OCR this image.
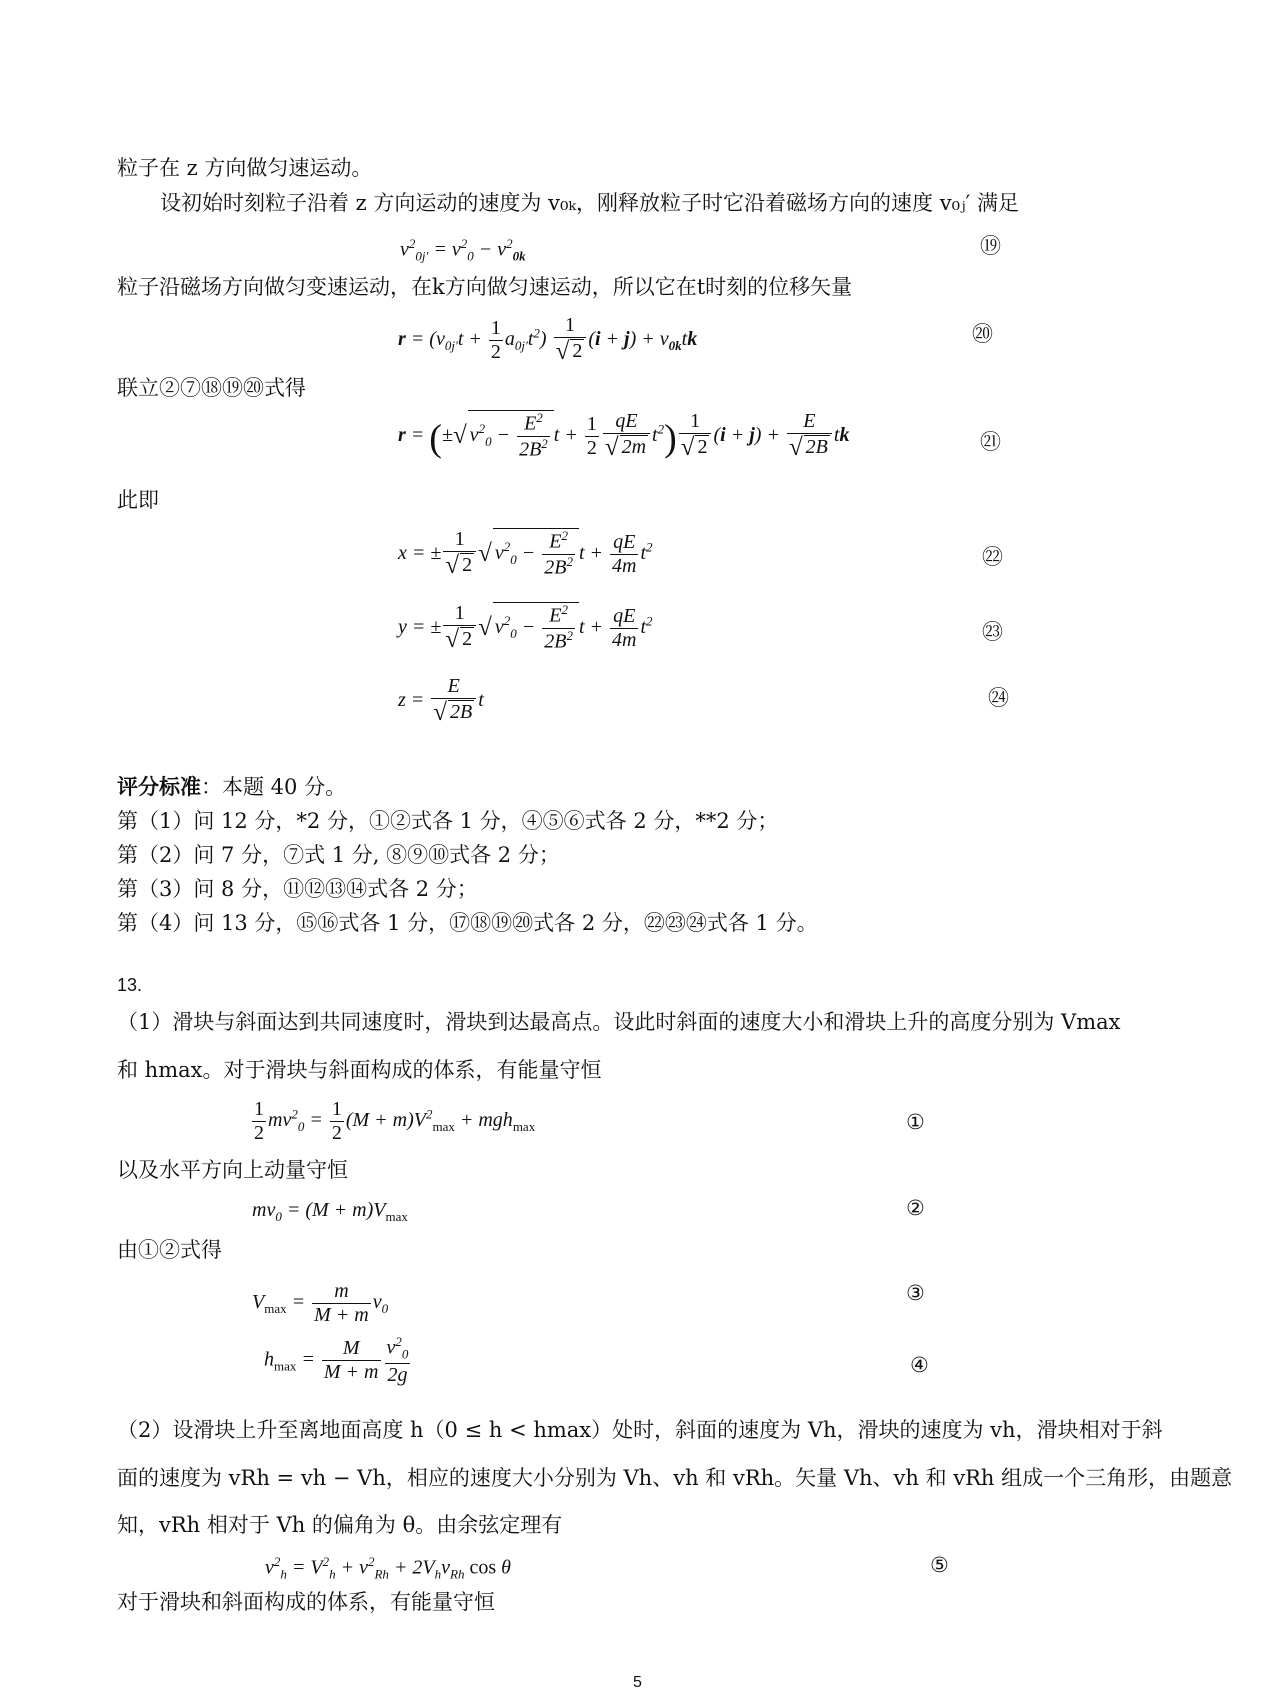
粒子在 z 方向做匀速运动。
设初始时刻粒子沿着 z 方向运动的速度为 v₀ₖ，刚释放粒子时它沿着磁场方向的速度 v₀ⱼ′ 满足
$v^2_{0j'} = v^2_0 - v^2_{0k}$	⑲
粒子沿磁场方向做匀变速运动，在k方向做匀速运动，所以它在t时刻的位移矢量
$r = (v_{0j'}t + \frac{1}{2} a_{0j'}t^2) \frac{1}{√ 2} (i + j) + v_{0k}tk$	⑳
联立②⑦⑱⑲⑳式得
r = (±√ $v^2_0 - \frac{E^2}{2B^2}$ $t + \frac{1}{2} \frac{qE}{√ 2m} t^2) \frac{1}{√ 2} (i + j) + \frac{E}{√ 2B}$ tk	㉑
此即
x = ± $\frac{1}{√ 2}$ √ $v^2_0 - \frac{E^2}{2B^2}$ $t + \frac{qE}{4m} t^2$	㉒
y = ± $\frac{1}{√ 2}$ √ $v^2_0 - \frac{E^2}{2B^2}$ $t + \frac{qE}{4m} t^2$	㉓
$z = \frac{E}{√ 2B}$ t	㉔
评分标准：本题 40 分。
第（1）问 12 分，*2 分，①②式各 1 分，④⑤⑥式各 2 分，**2 分；
第（2）问 7 分，⑦式 1 分, ⑧⑨⑩式各 2 分；
第（3）问 8 分，⑪⑫⑬⑭式各 2 分；
第（4）问 13 分，⑮⑯式各 1 分，⑰⑱⑲⑳式各 2 分，㉒㉓㉔式各 1 分。
13.
（1）滑块与斜面达到共同速度时，滑块到达最高点。设此时斜面的速度大小和滑块上升的高度分别为 Vmax
和 hmax。对于滑块与斜面构成的体系，有能量守恒
$\frac{1}{2} mv^2_0 = \frac{1}{2} (M + m)V^2_{max} + mgh_{max}$	①
以及水平方向上动量守恒
$mv_0 = (M + m)V_{max}$	②
由①②式得
$V_{max} = \frac{m}{M + m} v_0$
③
$h_{max} = \frac{M}{M + m} \frac{v^2_0}{2g}$	④
（2）设滑块上升至离地面高度 h（0 ≤ h < hmax）处时，斜面的速度为 Vh，滑块的速度为 vh，滑块相对于斜
面的速度为 vRh = vh − Vh，相应的速度大小分别为 Vh、vh 和 vRh。矢量 Vh、vh 和 vRh 组成一个三角形，由题意
知，vRh 相对于 Vh 的偏角为 θ。由余弦定理有
$v^2_h = V^2_h + v^2_{Rh} + 2V_hv_{Rh}$ cos θ	⑤
对于滑块和斜面构成的体系，有能量守恒
5
